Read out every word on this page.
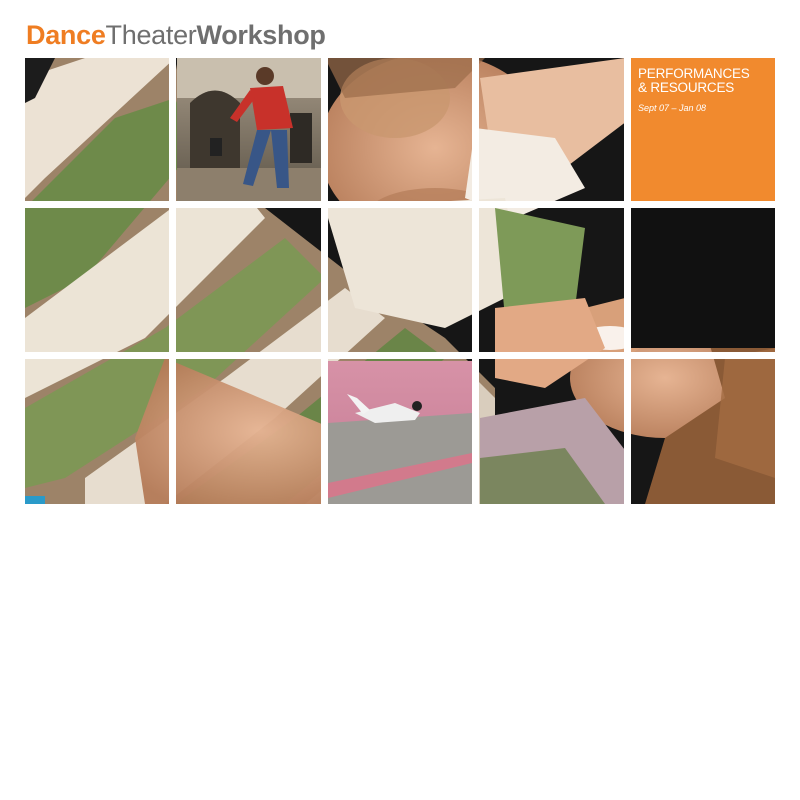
DanceTheaterWorkshop
PERFORMANCES
& RESOURCES
Sept 07 – Jan 08
